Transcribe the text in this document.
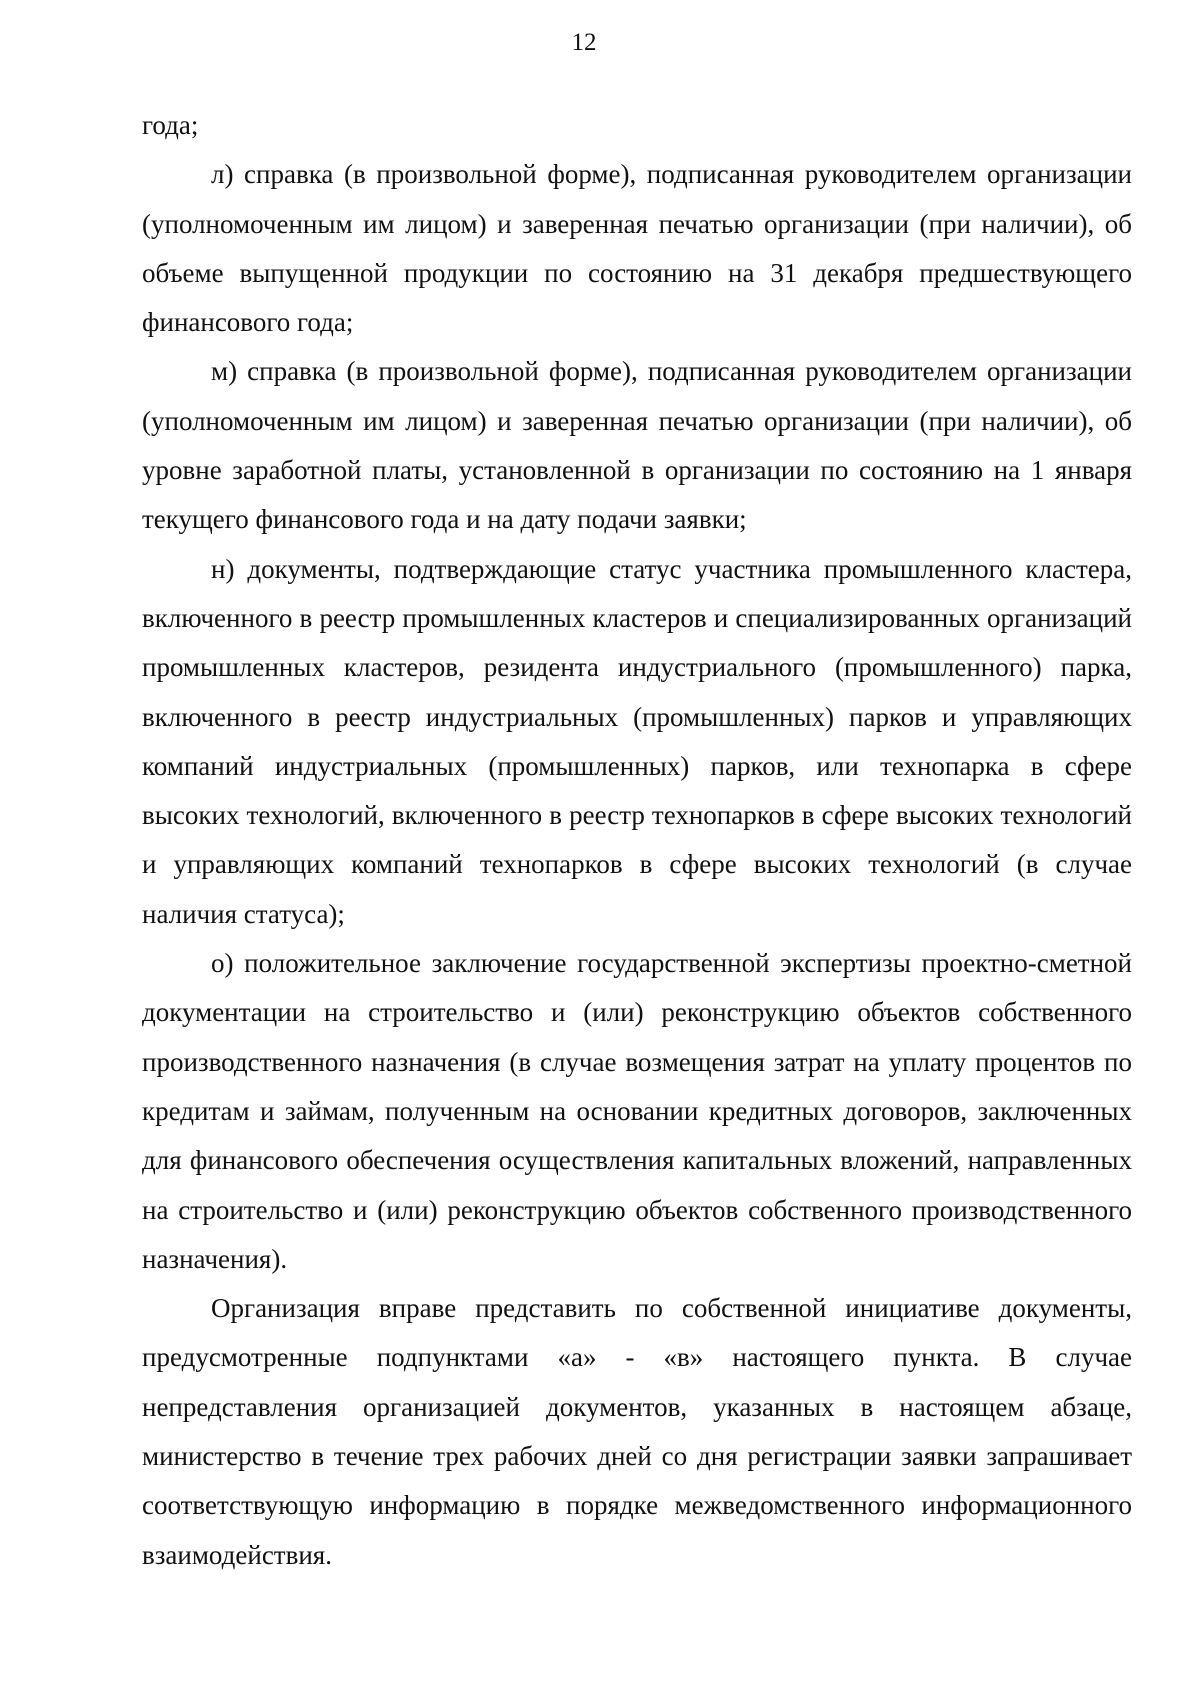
12

года;

л) справка (в произвольной форме), подписанная руководителем организации (уполномоченным им лицом) и заверенная печатью организации (при наличии), об объеме выпущенной продукции по состоянию на 31 декабря предшествующего финансового года;

м) справка (в произвольной форме), подписанная руководителем организации (уполномоченным им лицом) и заверенная печатью организации (при наличии), об уровне заработной платы, установленной в организации по состоянию на 1 января текущего финансового года и на дату подачи заявки;

н) документы, подтверждающие статус участника промышленного кластера, включенного в реестр промышленных кластеров и специализированных организаций промышленных кластеров, резидента индустриального (промышленного) парка, включенного в реестр индустриальных (промышленных) парков и управляющих компаний индустриальных (промышленных) парков, или технопарка в сфере высоких технологий, включенного в реестр технопарков в сфере высоких технологий и управляющих компаний технопарков в сфере высоких технологий (в случае наличия статуса);

о) положительное заключение государственной экспертизы проектно-сметной документации на строительство и (или) реконструкцию объектов собственного производственного назначения (в случае возмещения затрат на уплату процентов по кредитам и займам, полученным на основании кредитных договоров, заключенных для финансового обеспечения осуществления капитальных вложений, направленных на строительство и (или) реконструкцию объектов собственного производственного назначения).

Организация вправе представить по собственной инициативе документы, предусмотренные подпунктами «а» - «в» настоящего пункта. В случае непредставления организацией документов, указанных в настоящем абзаце, министерство в течение трех рабочих дней со дня регистрации заявки запрашивает соответствующую информацию в порядке межведомственного информационного взаимодействия.
